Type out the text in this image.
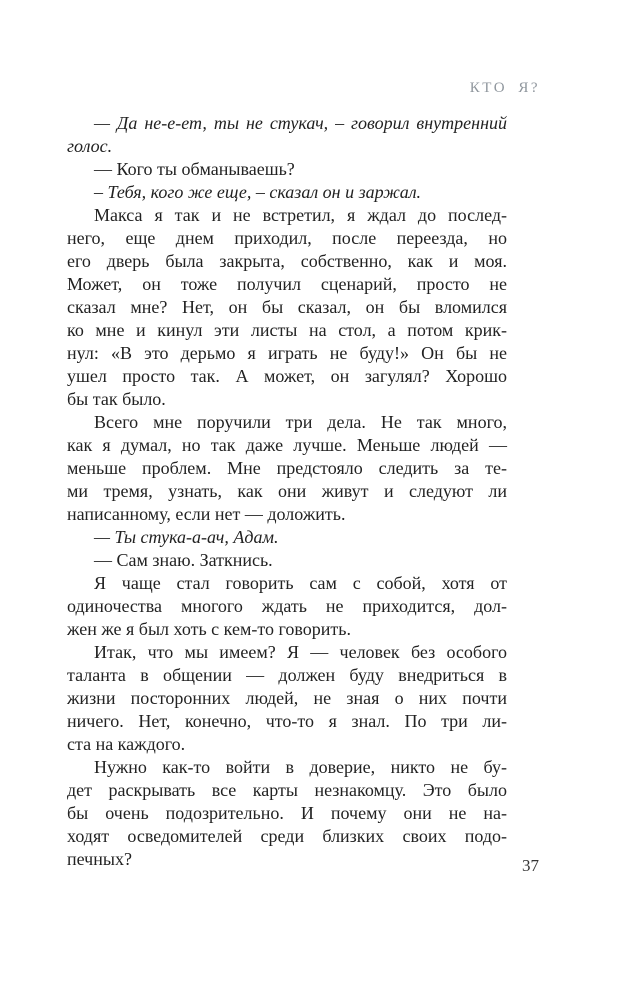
КТО Я?
— Да не-е-ет, ты не стукач, – говорил внутренний
голос.
— Кого ты обманываешь?
– Тебя, кого же еще, – сказал он и заржал.
Макса я так и не встретил, я ждал до послед-
него, еще днем приходил, после переезда, но
его дверь была закрыта, собственно, как и моя.
Может, он тоже получил сценарий, просто не
сказал мне? Нет, он бы сказал, он бы вломился
ко мне и кинул эти листы на стол, а потом крик-
нул: «В это дерьмо я играть не буду!» Он бы не
ушел просто так. А может, он загулял? Хорошо
бы так было.
Всего мне поручили три дела. Не так много,
как я думал, но так даже лучше. Меньше людей —
меньше проблем. Мне предстояло следить за те-
ми тремя, узнать, как они живут и следуют ли
написанному, если нет — доложить.
— Ты стука-а-ач, Адам.
— Сам знаю. Заткнись.
Я чаще стал говорить сам с собой, хотя от
одиночества многого ждать не приходится, дол-
жен же я был хоть с кем-то говорить.
Итак, что мы имеем? Я — человек без особого
таланта в общении — должен буду внедриться в
жизни посторонних людей, не зная о них почти
ничего. Нет, конечно, что-то я знал. По три ли-
ста на каждого.
Нужно как-то войти в доверие, никто не бу-
дет раскрывать все карты незнакомцу. Это было
бы очень подозрительно. И почему они не на-
ходят осведомителей среди близких своих подо-
печных?	37
